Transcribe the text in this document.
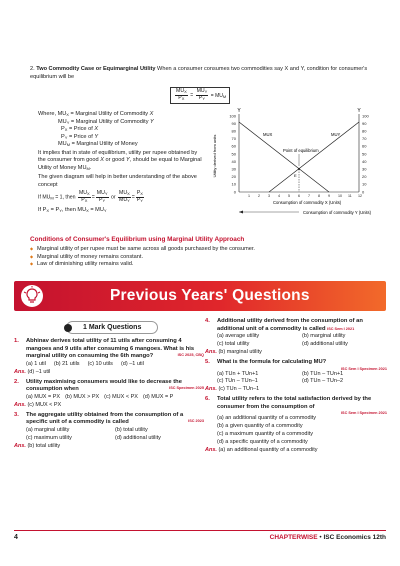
2. Two Commodity Case or Equimarginal Utility When a consumer consumes two commodities say X and Y, condition for consumer's equilibrium will be
$\frac{MU_X}{P_X} = \frac{MU_Y}{P_Y} = MU_M$
Where, $MU_X$ = Marginal Utility of Commodity X
$MU_Y$ = Marginal Utility of Commodity Y
$P_X$ = Price of X
$P_Y$ = Price of Y
$MU_M$ = Marginal Utility of Money
It implies that in state of equilibrium, utility per rupee obtained by the consumer from good X or good Y, should be equal to Marginal Utility of Money $MU_M$.
The given diagram will help in better understanding of the above concept
If $MU_M = 1$, then $\frac{MU_X}{P_X} = \frac{MU_Y}{P_Y}$ or $\frac{MU_X}{MU_Y} = \frac{P_X}{P_Y}$
If $P_X = P_Y$, then $MU_X = MU_Y$
Y	Y
Utility derived from units
100
90
80
70
60
50
40
30
20
10
0
100
90
80
70
60
50
40
30
20
10
0
1 2 3 4 5 6 7 8 9 10 11 12
MUX	MUY
Point of equilibrium
E
Consumption of commodity X (Units)
Consumption of commodity Y (Units)
Conditions of Consumer's Equilibrium using Marginal Utility Approach
◆ Marginal utility of per rupee must be same across all goods purchased by the consumer.
◆ Marginal utility of money remains constant.
◆ Law of diminishing utility remains valid.
Previous Years' Questions
1 Mark Questions
1. Abhinav derives total utility of 11 utils after consuming 4 mangoes and 9 utils after consuming 6 mangoes. What is his marginal utility on consuming the 6th mango?	ISC 2025, CBQ
(a) 1 util (b) 21 utils (c) 10 utils (d) –1 util
Ans. (d) –1 util
2. Utility maximising consumers would like to decrease the consumption when	ISC Specimen 2025
(a) MUX = PX (b) MUX > PX (c) MUX < PX (d) MUX = P
Ans. (c) MUX < PX
3. The aggregate utility obtained from the consumption of a specific unit of a commodity is called	ISC 2023
(a) marginal utility	(b) total utility
(c) maximum utility	(d) additional utility
Ans. (b) total utility
4. Additional utility derived from the consumption of an additional unit of a commodity is called ISC Sem I 2021
(a) average utility	(b) marginal utility
(c) total utility	(d) additional utility
Ans. (b) marginal utility
5. What is the formula for calculating MU?
ISC Sem I Specimen 2021
(a) TUn + TUn+1	(b) TUn – TUn+1
(c) TUn – TUn–1	(d) TUn – TUn–2
Ans. (c) TUn – TUn–1
6. Total utility refers to the total satisfaction derived by the consumer from the consumption of
ISC Sem I Specimen 2021
(a) an additional quantity of a commodity
(b) a given quantity of a commodity
(c) a maximum quantity of a commodity
(d) a specific quantity of a commodity
Ans. (a) an additional quantity of a commodity
4	CHAPTERWISE • ISC Economics 12th
